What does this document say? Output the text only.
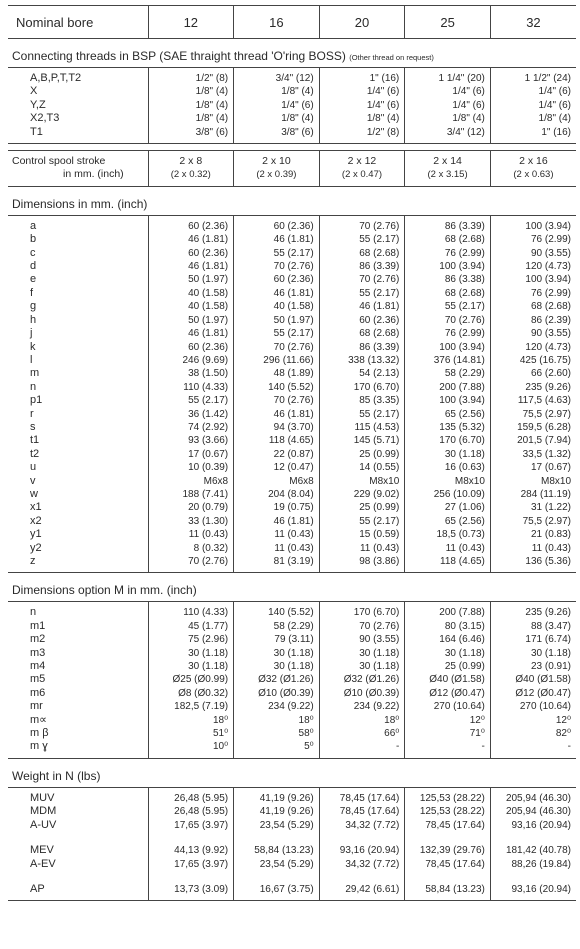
Nominal bore	12	16	20	25	32
Connecting threads in BSP (SAE thraight thread 'O'ring BOSS) (Other thread on request)					
A,B,P,T,T2	1/2" (8)	3/4" (12)	1" (16)	1 1/4" (20)	1 1/2" (24)
X	1/8" (4)	1/8" (4)	1/4" (6)	1/4" (6)	1/4" (6)
Y,Z	1/8" (4)	1/4" (6)	1/4" (6)	1/4" (6)	1/4" (6)
X2,T3	1/8" (4)	1/8" (4)	1/8" (4)	1/8" (4)	1/8" (4)
T1	3/8" (6)	3/8" (6)	1/2" (8)	3/4" (12)	1" (16)

Control spool stroke	2 x 8	2 x 10	2 x 12	2 x 14	2 x 16
in mm. (inch)	(2 x 0.32)	(2 x 0.39)	(2 x 0.47)	(2 x 3.15)	(2 x 0.63)
Dimensions in mm. (inch)					
a	60 (2.36)	60 (2.36)	70 (2.76)	86 (3.39)	100 (3.94)
b	46 (1.81)	46 (1.81)	55 (2.17)	68 (2.68)	76 (2.99)
c	60 (2.36)	55 (2.17)	68 (2.68)	76 (2.99)	90 (3.55)
d	46 (1.81)	70 (2.76)	86 (3.39)	100 (3.94)	120 (4.73)
e	50 (1.97)	60 (2.36)	70 (2.76)	86 (3.38)	100 (3.94)
f	40 (1.58)	46 (1.81)	55 (2.17)	68 (2.68)	76 (2.99)
g	40 (1.58)	40 (1.58)	46 (1.81)	55 (2.17)	68 (2.68)
h	50 (1.97)	50 (1.97)	60 (2.36)	70 (2.76)	86 (2.39)
j	46 (1.81)	55 (2.17)	68 (2.68)	76 (2.99)	90 (3.55)
k	60 (2.36)	70 (2.76)	86 (3.39)	100 (3.94)	120 (4.73)
l	246 (9.69)	296 (11.66)	338 (13.32)	376 (14.81)	425 (16.75)
m	38 (1.50)	48 (1.89)	54 (2.13)	58 (2.29)	66 (2.60)
n	110 (4.33)	140 (5.52)	170 (6.70)	200 (7.88)	235 (9.26)
p1	55 (2.17)	70 (2.76)	85 (3.35)	100 (3.94)	117,5 (4.63)
r	36 (1.42)	46 (1.81)	55 (2.17)	65 (2.56)	75,5 (2.97)
s	74 (2.92)	94 (3.70)	115 (4.53)	135 (5.32)	159,5 (6.28)
t1	93 (3.66)	118 (4.65)	145 (5.71)	170 (6.70)	201,5 (7.94)
t2	17 (0.67)	22 (0.87)	25 (0.99)	30 (1.18)	33,5 (1.32)
u	10 (0.39)	12 (0.47)	14 (0.55)	16 (0.63)	17 (0.67)
v	M6x8	M6x8	M8x10	M8x10	M8x10
w	188 (7.41)	204 (8.04)	229 (9.02)	256 (10.09)	284 (11.19)
x1	20 (0.79)	19 (0.75)	25 (0.99)	27 (1.06)	31 (1.22)
x2	33 (1.30)	46 (1.81)	55 (2.17)	65 (2.56)	75,5 (2.97)
y1	11 (0.43)	11 (0.43)	15 (0.59)	18,5 (0.73)	21 (0.83)
y2	8 (0.32)	11 (0.43)	11 (0.43)	11 (0.43)	11 (0.43)
z	70 (2.76)	81 (3.19)	98 (3.86)	118 (4.65)	136 (5.36)
Dimensions option M in mm. (inch)					
n	110 (4.33)	140 (5.52)	170 (6.70)	200 (7.88)	235 (9.26)
m1	45 (1.77)	58 (2.29)	70 (2.76)	80 (3.15)	88 (3.47)
m2	75 (2.96)	79 (3.11)	90 (3.55)	164 (6.46)	171 (6.74)
m3	30 (1.18)	30 (1.18)	30 (1.18)	30 (1.18)	30 (1.18)
m4	30 (1.18)	30 (1.18)	30 (1.18)	25 (0.99)	23 (0.91)
m5	Ø25 (Ø0.99)	Ø32 (Ø1.26)	Ø32 (Ø1.26)	Ø40 (Ø1.58)	Ø40 (Ø1.58)
m6	Ø8 (Ø0.32)	Ø10 (Ø0.39)	Ø10 (Ø0.39)	Ø12 (Ø0.47)	Ø12 (Ø0.47)
mr	182,5 (7.19)	234 (9.22)	234 (9.22)	270 (10.64)	270 (10.64)
m∝	18⁰	18⁰	18⁰	12⁰	12⁰
m β	51⁰	58⁰	66⁰	71⁰	82⁰
m ɣ	10⁰	5⁰	-	-	-
Weight in N (lbs)					
MUV	26,48 (5.95)	41,19 (9.26)	78,45 (17.64)	125,53 (28.22)	205,94 (46.30)
MDM	26,48 (5.95)	41,19 (9.26)	78,45 (17.64)	125,53 (28.22)	205,94 (46.30)
A-UV	17,65 (3.97)	23,54 (5.29)	34,32 (7.72)	78,45 (17.64)	93,16 (20.94)

MEV	44,13 (9.92)	58,84 (13.23)	93,16 (20.94)	132,39 (29.76)	181,42 (40.78)
A-EV	17,65 (3.97)	23,54 (5.29)	34,32 (7.72)	78,45 (17.64)	88,26 (19.84)

AP	13,73 (3.09)	16,67 (3.75)	29,42 (6.61)	58,84 (13.23)	93,16 (20.94)
